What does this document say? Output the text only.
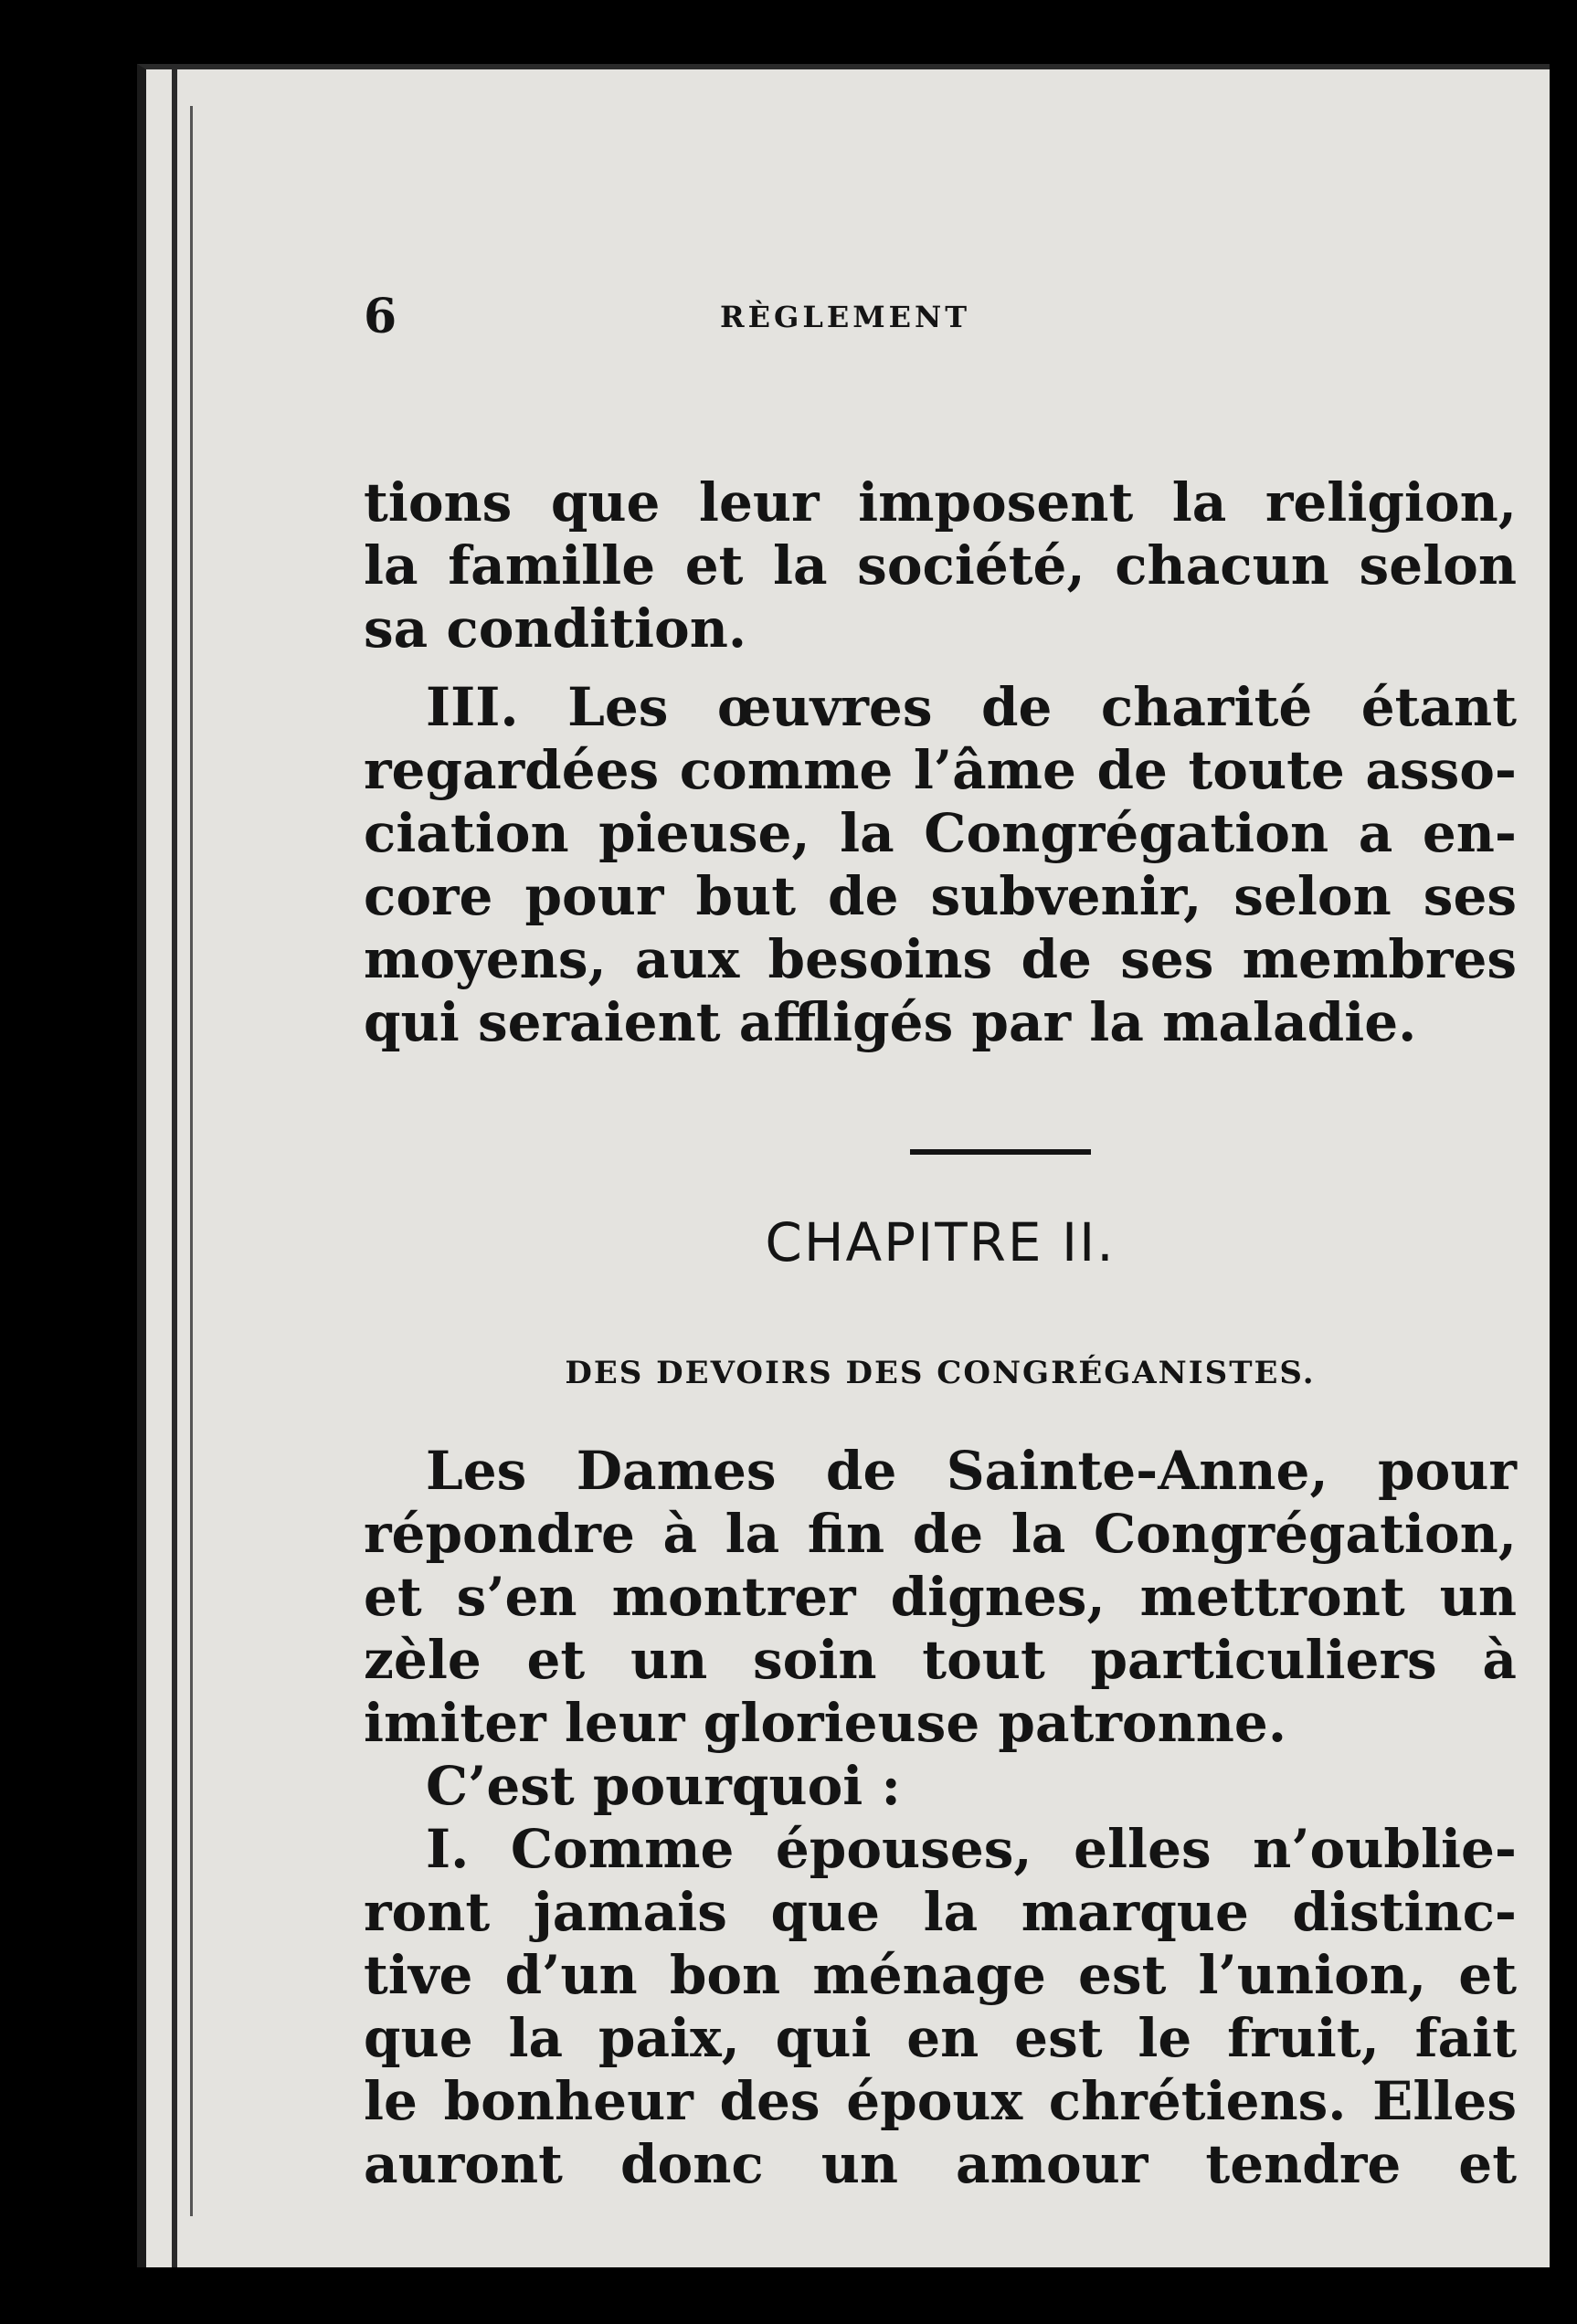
6	RÈGLEMENT
tions que leur imposent la religion,
la famille et la société, chacun selon
sa condition.
III. Les œuvres de charité étant
regardées comme l’âme de toute asso-
ciation pieuse, la Congrégation a en-
core pour but de subvenir, selon ses
moyens, aux besoins de ses membres
qui seraient affligés par la maladie.
CHAPITRE II.
DES DEVOIRS DES CONGRÉGANISTES.
Les Dames de Sainte-Anne, pour
répondre à la fin de la Congrégation,
et s’en montrer dignes, mettront un
zèle et un soin tout particuliers à
imiter leur glorieuse patronne.
C’est pourquoi :
I. Comme épouses, elles n’oublie-
ront jamais que la marque distinc-
tive d’un bon ménage est l’union, et
que la paix, qui en est le fruit, fait
le bonheur des époux chrétiens. Elles
auront donc un amour tendre et
